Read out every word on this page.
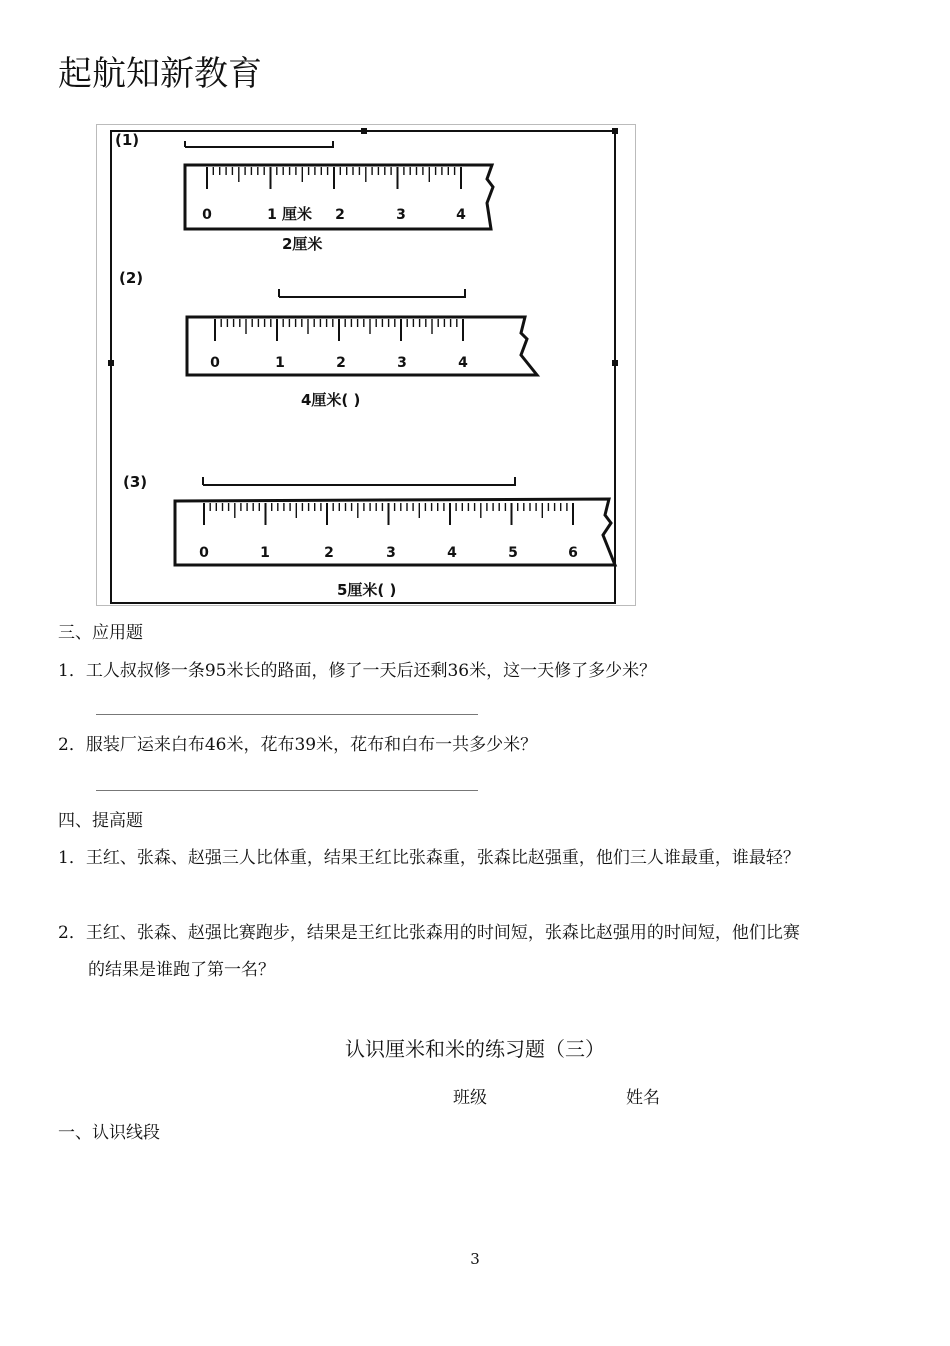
起航知新教育
(1)
0	1 厘米 2	3	4
2厘米
(2)
0	1	2	3	4
4厘米( )
(3)
0	1	2	3	4	5	6
5厘米( )
三、应用题
1．工人叔叔修一条95米长的路面，修了一天后还剩36米，这一天修了多少米？
2．服装厂运来白布46米，花布39米，花布和白布一共多少米？
四、提高题
1．王红、张森、赵强三人比体重，结果王红比张森重，张森比赵强重，他们三人谁最重，谁最轻？
2．王红、张森、赵强比赛跑步，结果是王红比张森用的时间短，张森比赵强用的时间短，他们比赛
的结果是谁跑了第一名？
认识厘米和米的练习题（三）
班级	姓名
一、认识线段
3
